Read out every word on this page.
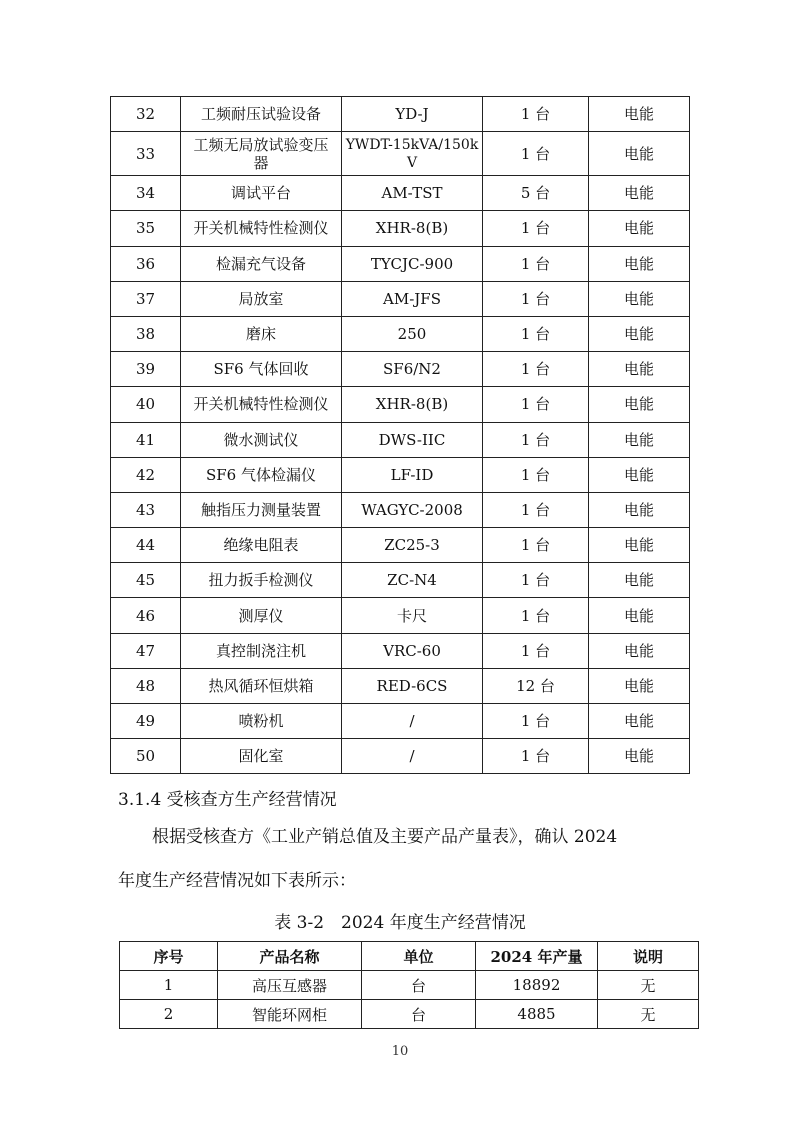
32	工频耐压试验设备	YD-J	1 台	电能
33	工频无局放试验变压器	YWDT-15kVA/150kV	1 台	电能
34	调试平台	AM-TST	5 台	电能
35	开关机械特性检测仪	XHR-8(B)	1 台	电能
36	检漏充气设备	TYCJC-900	1 台	电能
37	局放室	AM-JFS	1 台	电能
38	磨床	250	1 台	电能
39	SF6 气体回收	SF6/N2	1 台	电能
40	开关机械特性检测仪	XHR-8(B)	1 台	电能
41	微水测试仪	DWS-IIC	1 台	电能
42	SF6 气体检漏仪	LF-ID	1 台	电能
43	触指压力测量装置	WAGYC-2008	1 台	电能
44	绝缘电阻表	ZC25-3	1 台	电能
45	扭力扳手检测仪	ZC-N4	1 台	电能
46	测厚仪	卡尺	1 台	电能
47	真控制浇注机	VRC-60	1 台	电能
48	热风循环恒烘箱	RED-6CS	12 台	电能
49	喷粉机	/	1 台	电能
50	固化室	/	1 台	电能

3.1.4 受核查方生产经营情况

根据受核查方《工业产销总值及主要产品产量表》，确认 2024

年度生产经营情况如下表所示：

表 3-2　2024 年度生产经营情况

序号	产品名称	单位	2024 年产量	说明
1	高压互感器	台	18892	无
2	智能环网柜	台	4885	无

10
